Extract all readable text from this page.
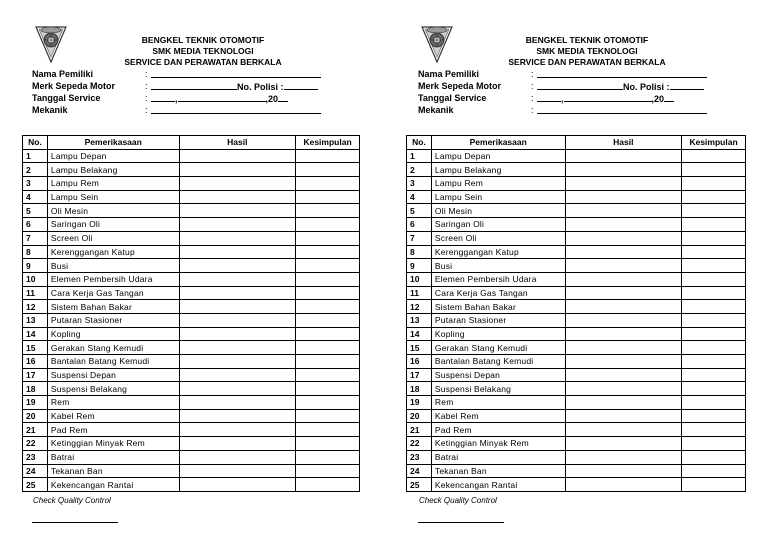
BENGKEL TEKNIK OTOMOTIF
SMK MEDIA TEKNOLOGI
SERVICE DAN PERAWATAN BERKALA
Nama Pemiliki	:
Merk Sepeda Motor	:	No. Polisi :
Tanggal Service	:	,	,20
Mekanik	:
No.	Pemerikasaan	Hasil	Kesimpulan
1	Lampu Depan		
2	Lampu Belakang		
3	Lampu Rem		
4	Lampu Sein		
5	Oli Mesin		
6	Saringan Oli		
7	Screen Oli		
8	Kerenggangan Katup		
9	Busi		
10	Elemen Pembersih Udara		
11	Cara Kerja Gas Tangan		
12	Sistem Bahan Bakar		
13	Putaran Stasioner		
14	Kopling		
15	Gerakan Stang Kemudi		
16	Bantalan Batang Kemudi		
17	Suspensi Depan		
18	Suspensi Belakang		
19	Rem		
20	Kabel Rem		
21	Pad Rem		
22	Ketinggian Minyak Rem		
23	Batrai		
24	Tekanan Ban		
25	Kekencangan Rantai		
Check Quality Control
BENGKEL TEKNIK OTOMOTIF
SMK MEDIA TEKNOLOGI
SERVICE DAN PERAWATAN BERKALA
Nama Pemiliki	:
Merk Sepeda Motor	:	No. Polisi :
Tanggal Service	:	,	,20
Mekanik	:
No.	Pemerikasaan	Hasil	Kesimpulan
1	Lampu Depan		
2	Lampu Belakang		
3	Lampu Rem		
4	Lampu Sein		
5	Oli Mesin		
6	Saringan Oli		
7	Screen Oli		
8	Kerenggangan Katup		
9	Busi		
10	Elemen Pembersih Udara		
11	Cara Kerja Gas Tangan		
12	Sistem Bahan Bakar		
13	Putaran Stasioner		
14	Kopling		
15	Gerakan Stang Kemudi		
16	Bantalan Batang Kemudi		
17	Suspensi Depan		
18	Suspensi Belakang		
19	Rem		
20	Kabel Rem		
21	Pad Rem		
22	Ketinggian Minyak Rem		
23	Batrai		
24	Tekanan Ban		
25	Kekencangan Rantai		
Check Quality Control
